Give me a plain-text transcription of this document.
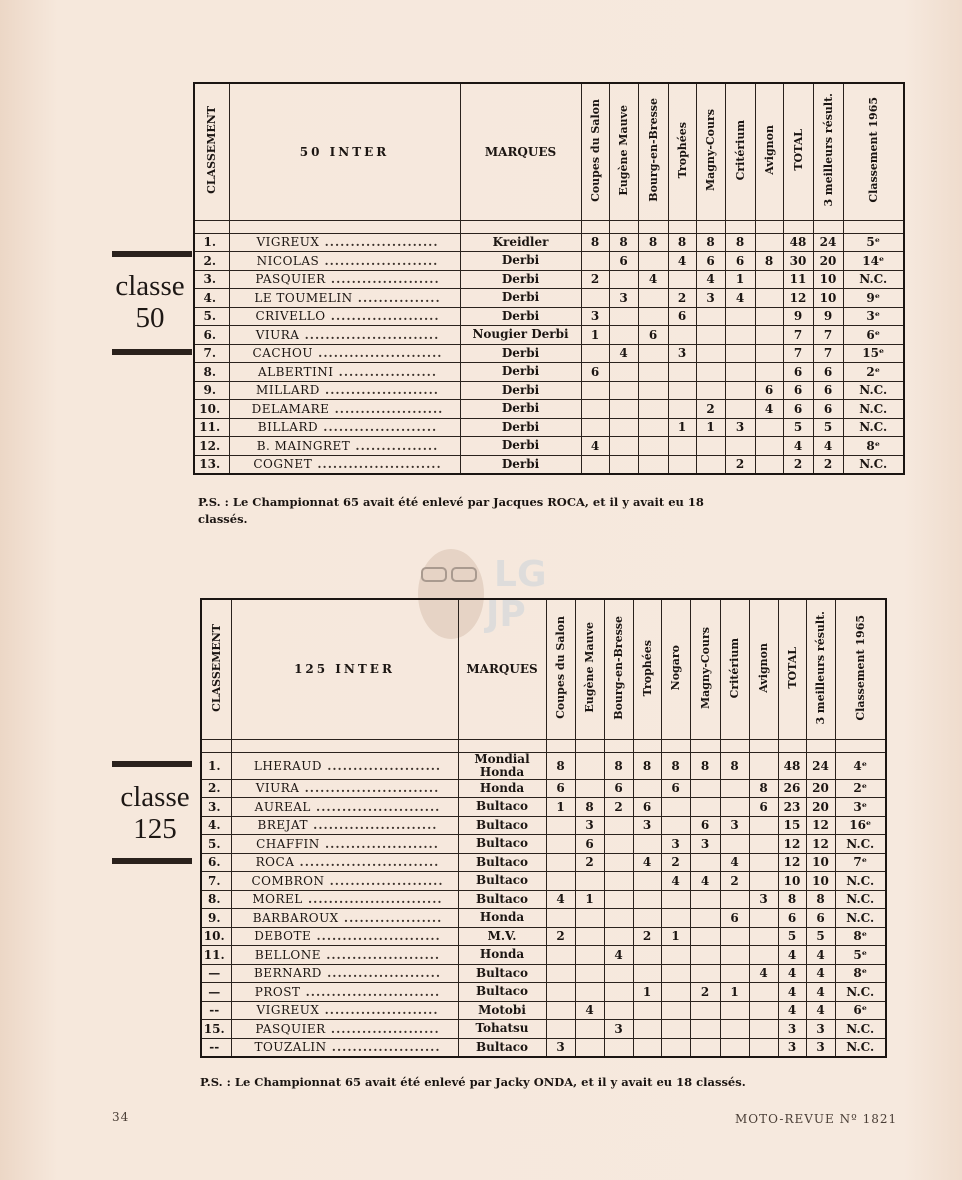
classe
50
CLASSEMENT	50 INTER	MARQUES	Coupes du Salon	Eugène Mauve	Bourg-en-Bresse	Trophées	Magny-Cours	Critérium	Avignon	TOTAL	3 meilleurs résult.	Classement 1965

1.	VIGREUX ......................	Kreidler	8	8	8	8	8	8		48	24	5ᵉ
2.	NICOLAS ......................	Derbi		6		4	6	6	8	30	20	14ᵉ
3.	PASQUIER .....................	Derbi	2		4		4	1		11	10	N.C.
4.	LE TOUMELIN ................	Derbi		3		2	3	4		12	10	9ᵉ
5.	CRIVELLO .....................	Derbi	3			6				9	9	3ᵉ
6.	VIURA ..........................	Nougier Derbi	1		6					7	7	6ᵉ
7.	CACHOU ........................	Derbi		4		3				7	7	15ᵉ
8.	ALBERTINI ...................	Derbi	6							6	6	2ᵉ
9.	MILLARD ......................	Derbi							6	6	6	N.C.
10.	DELAMARE .....................	Derbi					2		4	6	6	N.C.
11.	BILLARD ......................	Derbi				1	1	3		5	5	N.C.
12.	B. MAINGRET ................	Derbi	4							4	4	8ᵉ
13.	COGNET ........................	Derbi						2		2	2	N.C.
P.S. : Le Championnat 65 avait été enlevé par Jacques ROCA, et il y avait eu 18 classés.
LG
JP
classe
125
CLASSEMENT	125 INTER	MARQUES	Coupes du Salon	Eugène Mauve	Bourg-en-Bresse	Trophées	Nogaro	Magny-Cours	Critérium	Avignon	TOTAL	3 meilleurs résult.	Classement 1965

1.	LHERAUD ......................	Mondial Honda	8		8	8	8	8	8		48	24	4ᵉ
2.	VIURA ..........................	Honda	6		6		6			8	26	20	2ᵉ
3.	AUREAL ........................	Bultaco	1	8	2	6				6	23	20	3ᵉ
4.	BREJAT ........................	Bultaco		3		3		6	3		15	12	16ᵉ
5.	CHAFFIN ......................	Bultaco		6			3	3			12	12	N.C.
6.	ROCA ...........................	Bultaco		2		4	2		4		12	10	7ᵉ
7.	COMBRON ......................	Bultaco					4	4	2		10	10	N.C.
8.	MOREL ..........................	Bultaco	4	1						3	8	8	N.C.
9.	BARBAROUX ...................	Honda							6		6	6	N.C.
10.	DEBOTE ........................	M.V.	2			2	1				5	5	8ᵉ
11.	BELLONE ......................	Honda			4						4	4	5ᵉ
—	BERNARD ......................	Bultaco								4	4	4	8ᵉ
—	PROST ..........................	Bultaco				1		2	1		4	4	N.C.
--	VIGREUX ......................	Motobi		4							4	4	6ᵉ
15.	PASQUIER .....................	Tohatsu			3						3	3	N.C.
--	TOUZALIN .....................	Bultaco	3								3	3	N.C.
P.S. : Le Championnat 65 avait été enlevé par Jacky ONDA, et il y avait eu 18 classés.
34	MOTO-REVUE Nº 1821
